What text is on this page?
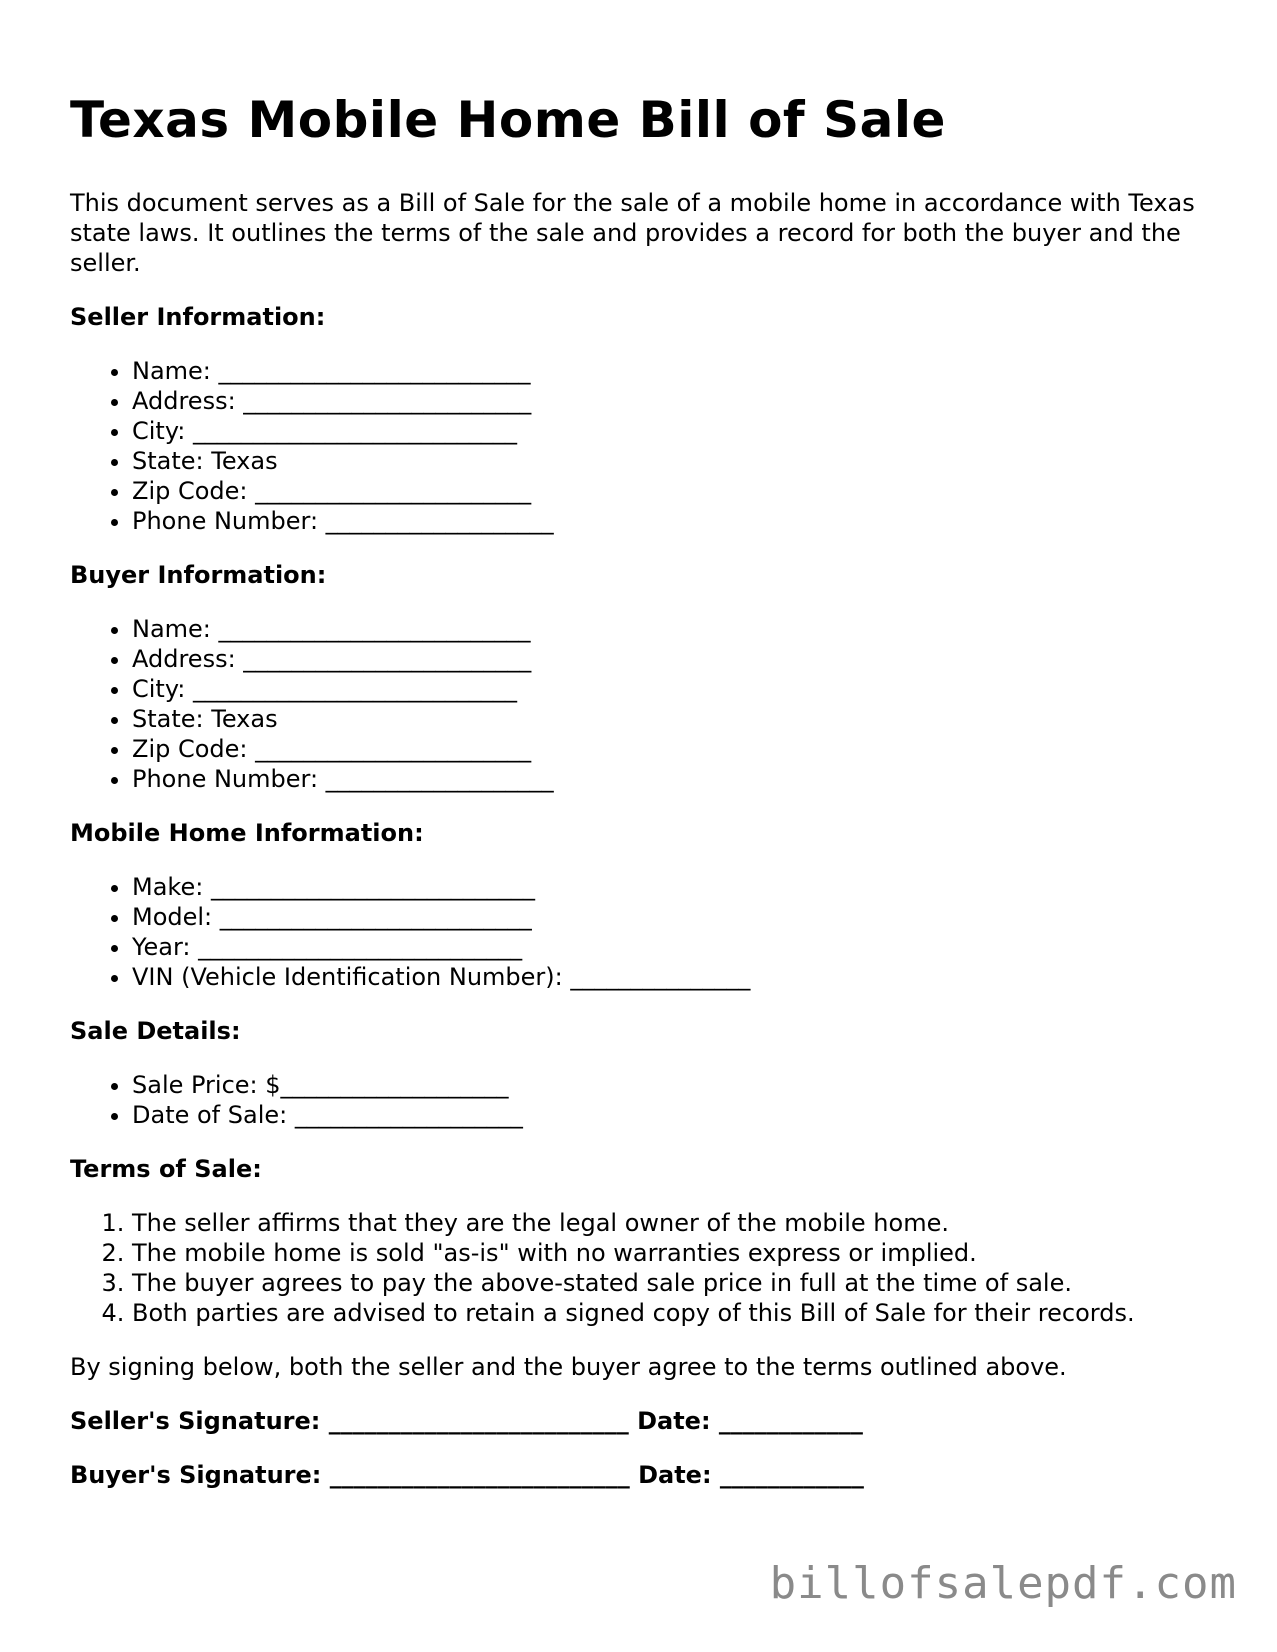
Texas Mobile Home Bill of Sale

This document serves as a Bill of Sale for the sale of a mobile home in accordance with Texas state laws. It outlines the terms of the sale and provides a record for both the buyer and the seller.

Seller Information:
• Name: __________________________
• Address: ________________________
• City: ___________________________
• State: Texas
• Zip Code: _______________________
• Phone Number: ___________________
Buyer Information:
• Name: __________________________
• Address: ________________________
• City: ___________________________
• State: Texas
• Zip Code: _______________________
• Phone Number: ___________________
Mobile Home Information:
• Make: ___________________________
• Model: __________________________
• Year: ___________________________
• VIN (Vehicle Identification Number): _______________
Sale Details:
• Sale Price: $___________________
• Date of Sale: ___________________
Terms of Sale:
1. The seller affirms that they are the legal owner of the mobile home.
2. The mobile home is sold "as-is" with no warranties express or implied.
3. The buyer agrees to pay the above-stated sale price in full at the time of sale.
4. Both parties are advised to retain a signed copy of this Bill of Sale for their records.

By signing below, both the seller and the buyer agree to the terms outlined above.

Seller's Signature: _________________________ Date: ____________
Buyer's Signature: _________________________ Date: ____________
billofsalepdf.com
